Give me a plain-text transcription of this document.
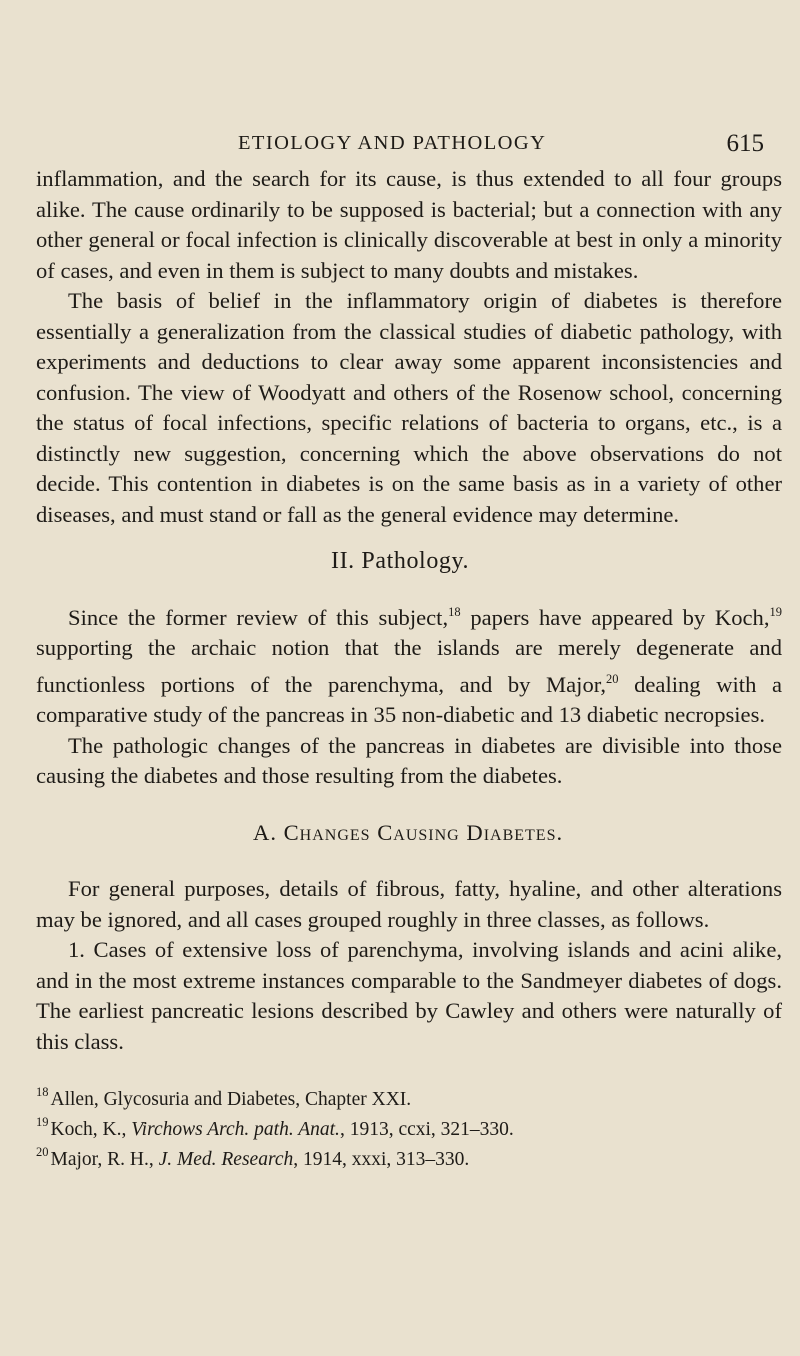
ETIOLOGY AND PATHOLOGY	615

inflammation, and the search for its cause, is thus extended to all four groups alike. The cause ordinarily to be supposed is bacterial; but a connection with any other general or focal infection is clinically discoverable at best in only a minority of cases, and even in them is subject to many doubts and mistakes.

The basis of belief in the inflammatory origin of diabetes is therefore essentially a generalization from the classical studies of diabetic pathology, with experiments and deductions to clear away some apparent inconsistencies and confusion. The view of Woodyatt and others of the Rosenow school, concerning the status of focal infections, specific relations of bacteria to organs, etc., is a distinctly new suggestion, concerning which the above observations do not decide. This contention in diabetes is on the same basis as in a variety of other diseases, and must stand or fall as the general evidence may determine.

II. Pathology.

Since the former review of this subject,$^{18}$ papers have appeared by Koch,$^{19}$ supporting the archaic notion that the islands are merely degenerate and functionless portions of the parenchyma, and by Major,$^{20}$ dealing with a comparative study of the pancreas in 35 non-diabetic and 13 diabetic necropsies.

The pathologic changes of the pancreas in diabetes are divisible into those causing the diabetes and those resulting from the diabetes.

A. Changes Causing Diabetes.

For general purposes, details of fibrous, fatty, hyaline, and other alterations may be ignored, and all cases grouped roughly in three classes, as follows.

1. Cases of extensive loss of parenchyma, involving islands and acini alike, and in the most extreme instances comparable to the Sandmeyer diabetes of dogs. The earliest pancreatic lesions described by Cawley and others were naturally of this class.

$^{18}$ Allen, Glycosuria and Diabetes, Chapter XXI.

$^{19}$ Koch, K., Virchows Arch. path. Anat., 1913, ccxi, 321–330.

$^{20}$ Major, R. H., J. Med. Research, 1914, xxxi, 313–330.
